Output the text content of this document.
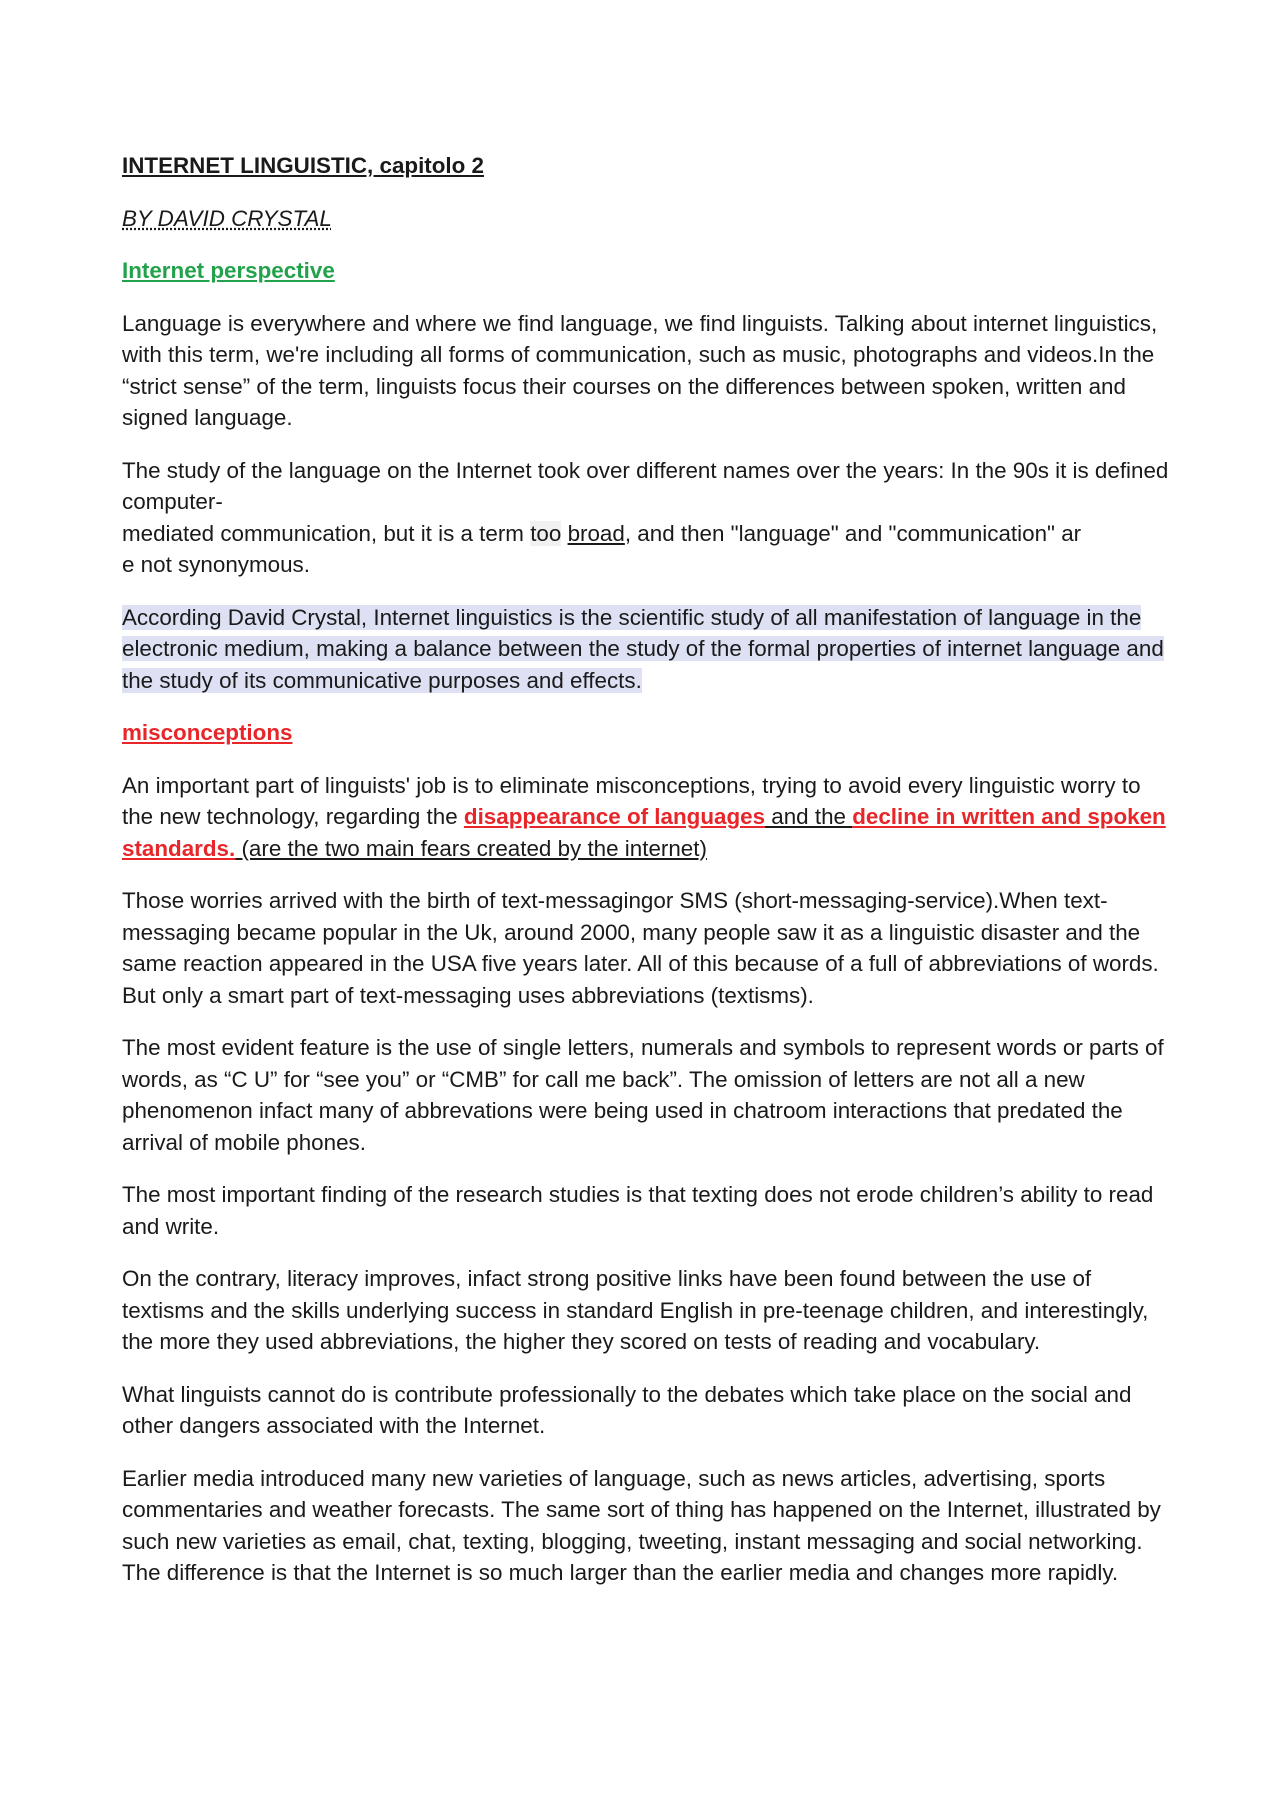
INTERNET LINGUISTIC, capitolo 2

BY DAVID CRYSTAL

Internet perspective

Language is everywhere and where we find language, we find linguists. Talking about internet linguistics, with this term, we're including all forms of communication, such as music, photographs and videos.In the “strict sense” of the term, linguists focus their courses on the differences between spoken, written and signed language.

The study of the language on the Internet took over different names over the years: In the 90s it is defined computer-
mediated communication, but it is a term too broad, and then "language" and "communication" ar
e not synonymous.

According David Crystal, Internet linguistics is the scientific study of all manifestation of language in the electronic medium, making a balance between the study of the formal properties of internet language and the study of its communicative purposes and effects.

misconceptions

An important part of linguists' job is to eliminate misconceptions, trying to avoid every linguistic worry to the new technology, regarding the disappearance of languages and the decline in written and spoken standards. (are the two main fears created by the internet)

Those worries arrived with the birth of text-messagingor SMS (short-messaging-service).When text-messaging became popular in the Uk, around 2000, many people saw it as a linguistic disaster and the same reaction appeared in the USA five years later. All of this because of a full of abbreviations of words. But only a smart part of text-messaging uses abbreviations (textisms).

The most evident feature is the use of single letters, numerals and symbols to represent words or parts of words, as “C U” for “see you” or “CMB” for call me back”. The omission of letters are not all a new phenomenon infact many of abbrevations were being used in chatroom interactions that predated the arrival of mobile phones.

The most important finding of the research studies is that texting does not erode children’s ability to read and write.

On the contrary, literacy improves, infact strong positive links have been found between the use of textisms and the skills underlying success in standard English in pre-teenage children, and interestingly, the more they used abbreviations, the higher they scored on tests of reading and vocabulary.

What linguists cannot do is contribute professionally to the debates which take place on the social and other dangers associated with the Internet.

Earlier media introduced many new varieties of language, such as news articles, advertising, sports commentaries and weather forecasts. The same sort of thing has happened on the Internet, illustrated by such new varieties as email, chat, texting, blogging, tweeting, instant messaging and social networking. The difference is that the Internet is so much larger than the earlier media and changes more rapidly.
